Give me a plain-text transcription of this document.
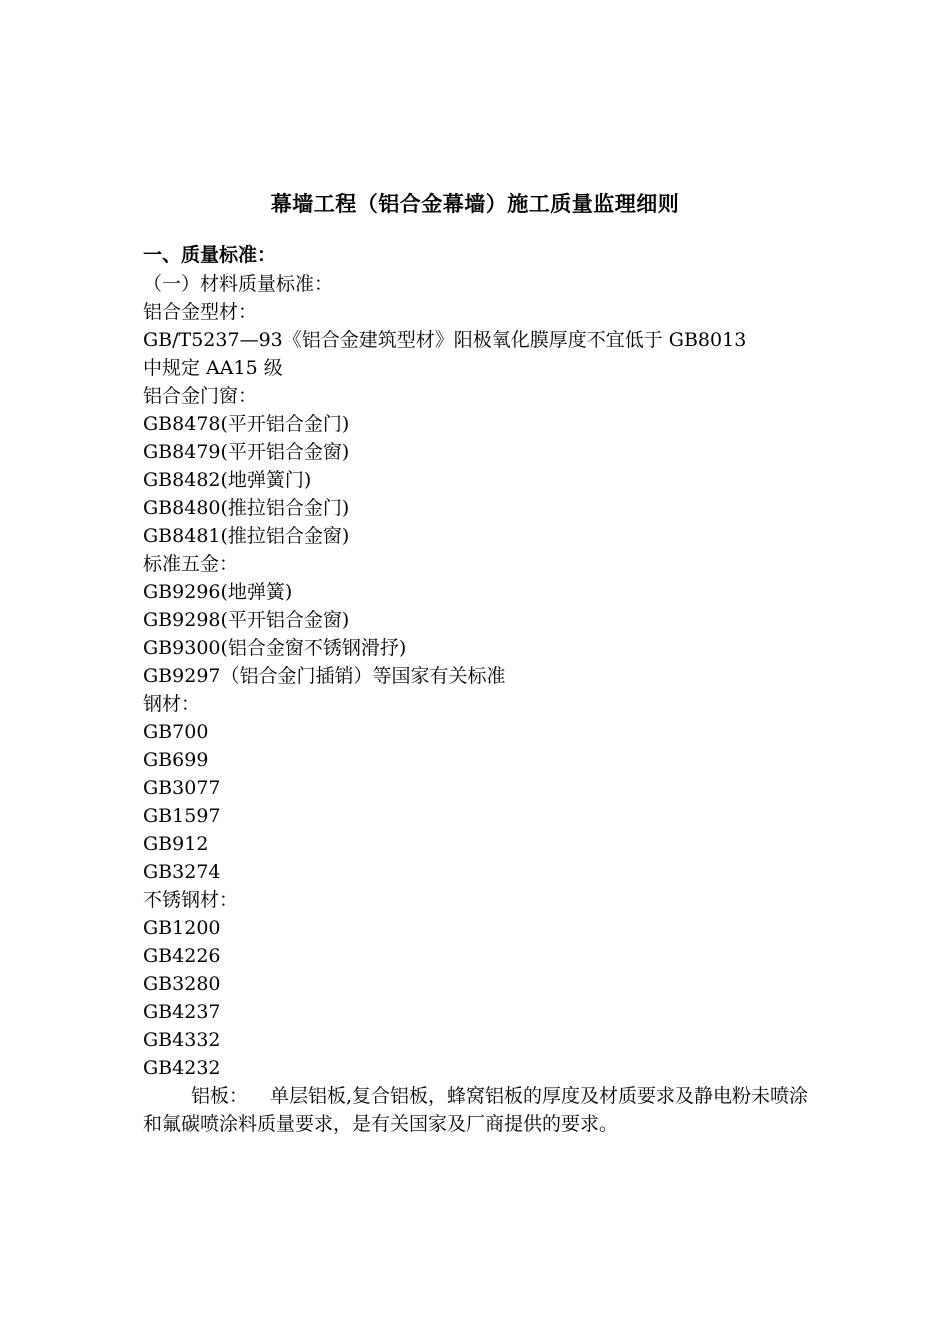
幕墙工程（铝合金幕墙）施工质量监理细则
一、质量标准：
（一）材料质量标准：
铝合金型材：
GB/T5237—93《铝合金建筑型材》阳极氧化膜厚度不宜低于 GB8013
中规定 AA15 级
铝合金门窗：
GB8478(平开铝合金门)
GB8479(平开铝合金窗)
GB8482(地弹簧门)
GB8480(推拉铝合金门)
GB8481(推拉铝合金窗)
标准五金：
GB9296(地弹簧)
GB9298(平开铝合金窗)
GB9300(铝合金窗不锈钢滑抒)
GB9297（铝合金门插销）等国家有关标准
钢材：
GB700
GB699
GB3077
GB1597
GB912
GB3274
不锈钢材：
GB1200
GB4226
GB3280
GB4237
GB4332
GB4232
铝板： 单层铝板,复合铝板，蜂窝铝板的厚度及材质要求及静电粉未喷涂和氟碳喷涂料质量要求，是有关国家及厂商提供的要求。
